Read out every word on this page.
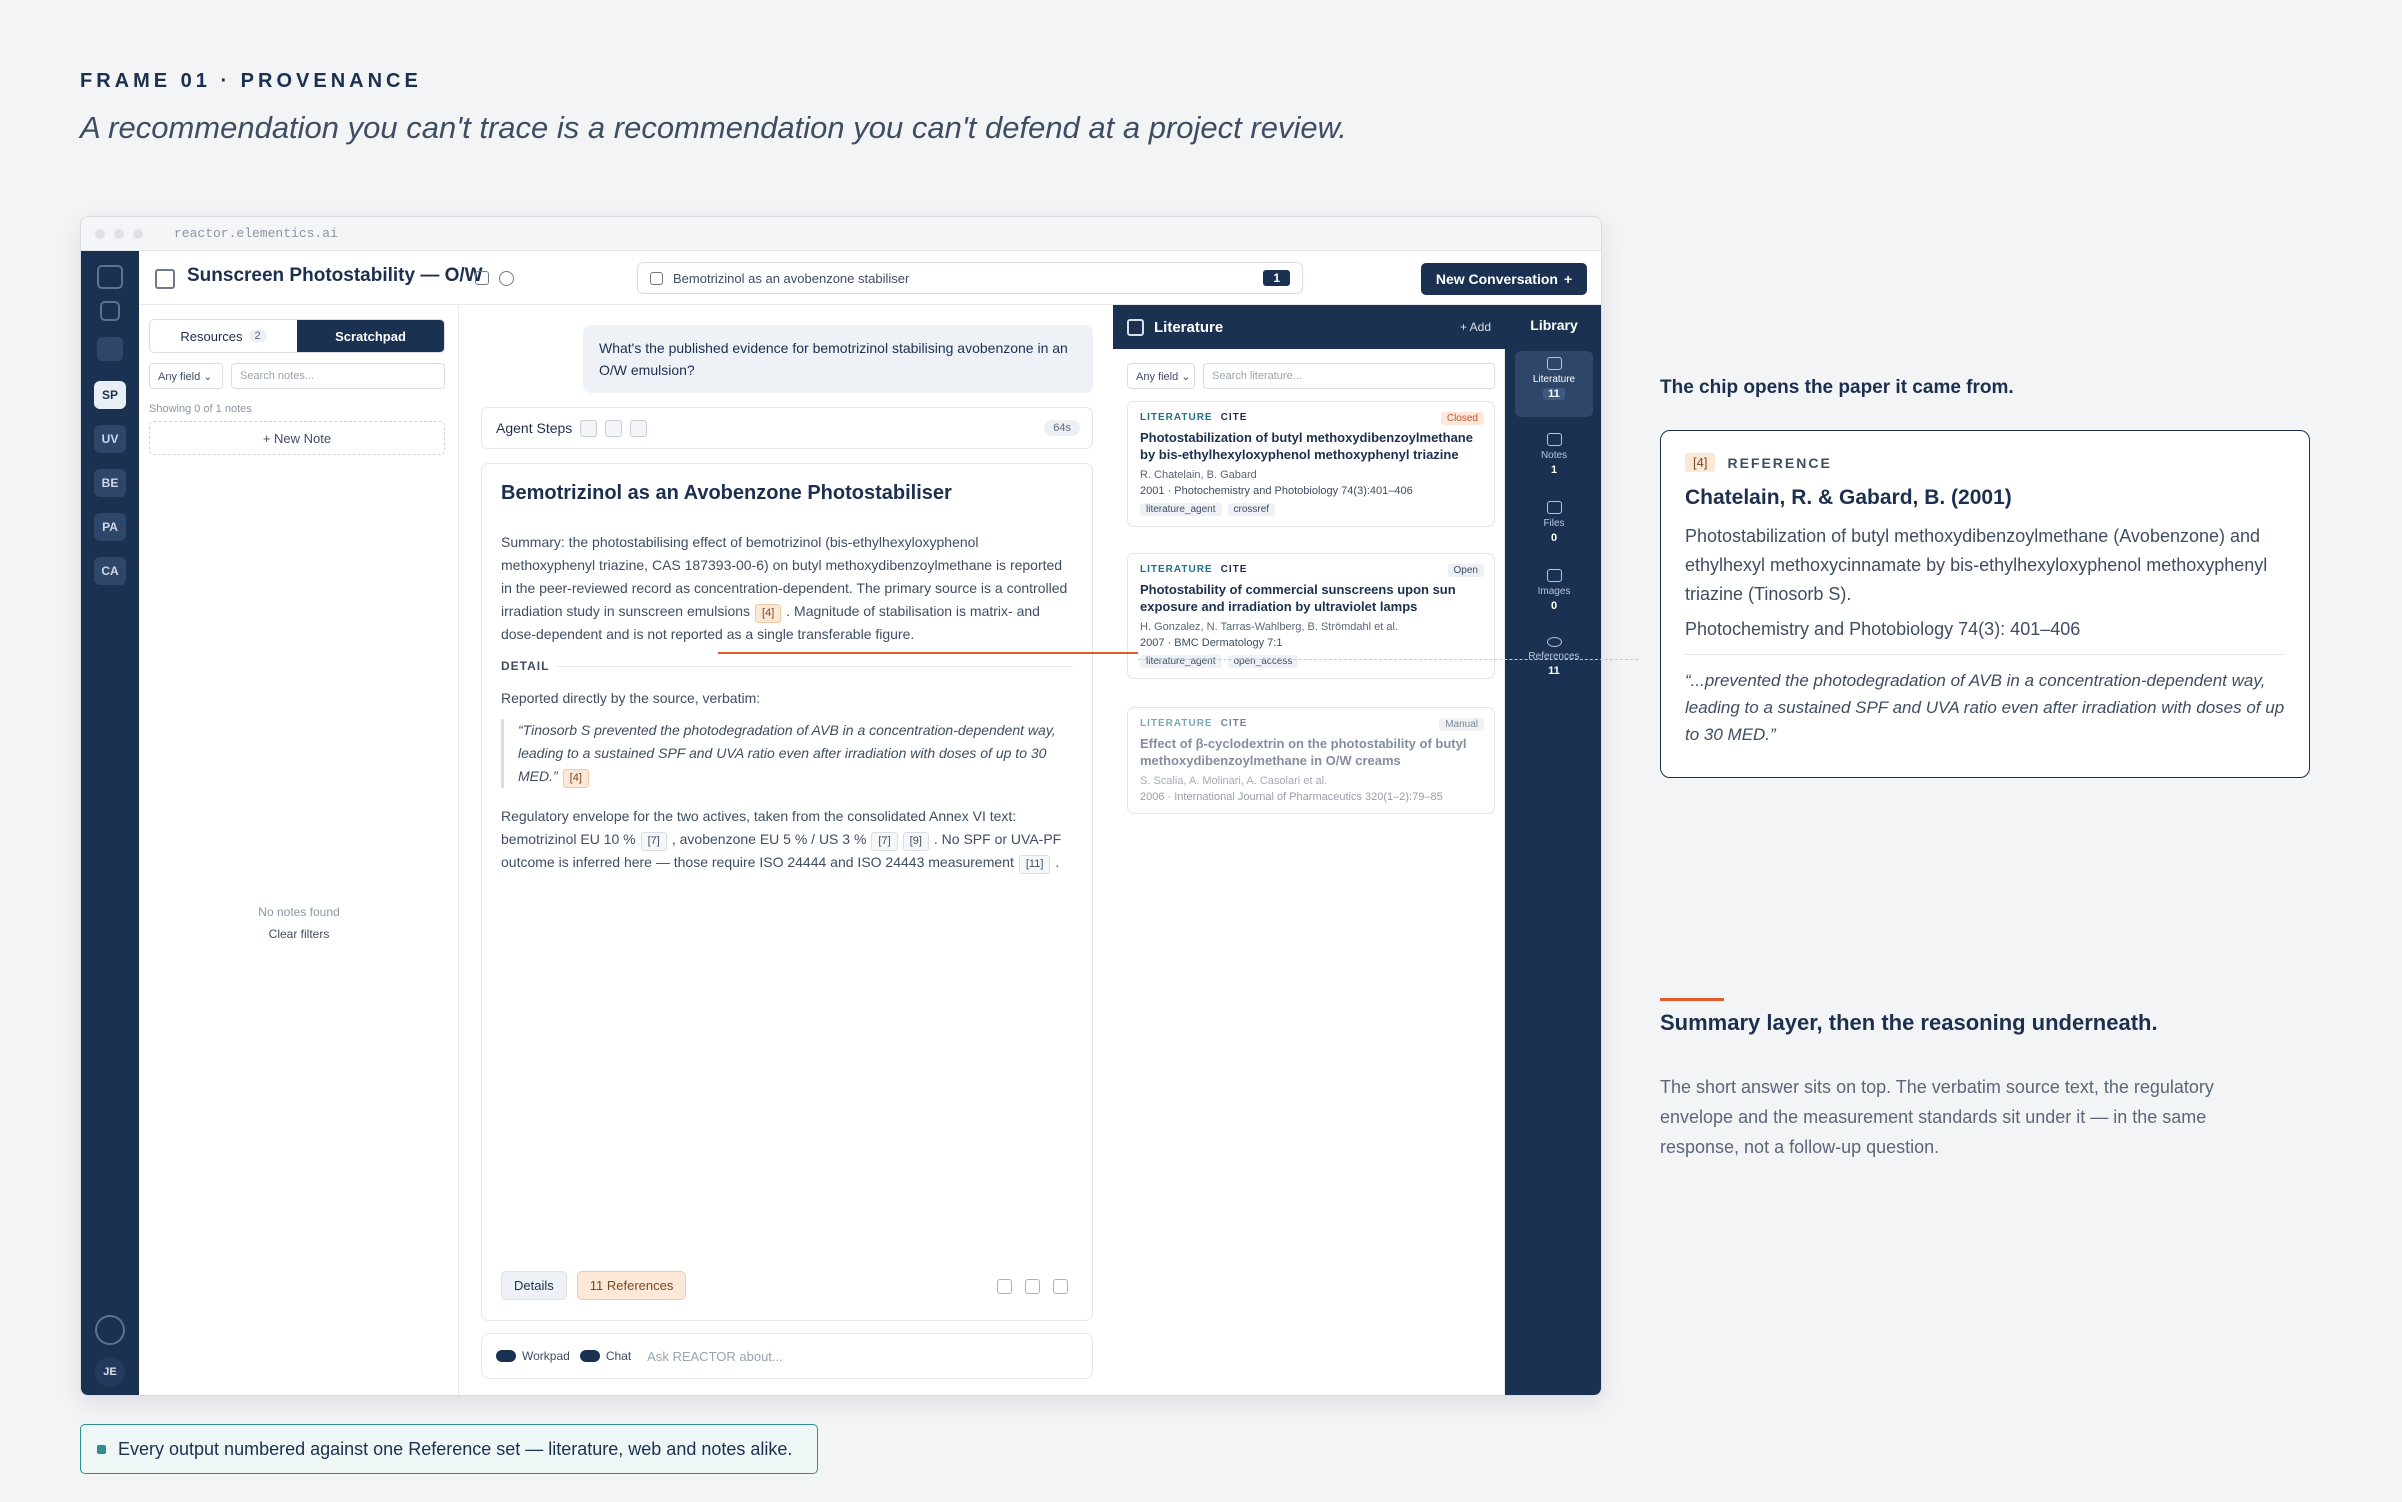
FRAME 01 · PROVENANCE
A recommendation you can't trace is a recommendation you can't defend at a project review.
reactor.elementics.ai
SP
UV
BE
PA
CA
JE
Sunscreen Photostability — O/W	Bemotrizinol as an avobenzone stabiliser	1	New Conversation +
Resources	2	Scratchpad
Any field ⌄	Search notes...
Showing 0 of 1 notes
+ New Note
No notes found
Clear filters
What's the published evidence for bemotrizinol stabilising avobenzone in an O/W emulsion?
Agent Steps	64s
Bemotrizinol as an Avobenzone Photostabiliser
Summary: the photostabilising effect of bemotrizinol (bis-ethylhexyloxyphenol methoxyphenyl triazine, CAS 187393-00-6) on butyl methoxydibenzoylmethane is reported in the peer-reviewed record as concentration-dependent. The primary source is a controlled irradiation study in sunscreen emulsions [4] . Magnitude of stabilisation is matrix- and dose-dependent and is not reported as a single transferable figure.
DETAIL
Reported directly by the source, verbatim:
“Tinosorb S prevented the photodegradation of AVB in a concentration-dependent way, leading to a sustained SPF and UVA ratio even after irradiation with doses of up to 30 MED.” [4]
Regulatory envelope for the two actives, taken from the consolidated Annex VI text: bemotrizinol EU 10 % [7] , avobenzone EU 5 % / US 3 % [7] [9] . No SPF or UVA-PF outcome is inferred here — those require ISO 24444 and ISO 24443 measurement [11] .
Details	11 References
Workpad	Chat Ask REACTOR about...
Literature	+ Add
Any field ⌄	Search literature...
LITERATURE CITE	Closed
Photostabilization of butyl methoxydibenzoylmethane by bis-ethylhexyloxyphenol methoxyphenyl triazine
R. Chatelain, B. Gabard
2001 · Photochemistry and Photobiology 74(3):401–406
literature_agent	crossref
LITERATURE CITE	Open
Photostability of commercial sunscreens upon sun exposure and irradiation by ultraviolet lamps
H. Gonzalez, N. Tarras-Wahlberg, B. Strömdahl et al.
2007 · BMC Dermatology 7:1
literature_agent	open_access
LITERATURE CITE	Manual
Effect of β-cyclodextrin on the photostability of butyl methoxydibenzoylmethane in O/W creams
S. Scalia, A. Molinari, A. Casolari et al.
2006 · International Journal of Pharmaceutics 320(1–2):79–85
Library
Literature
11
Notes
1
Files
0
Images
0
References
11
The chip opens the paper it came from.
[4]	REFERENCE
Chatelain, R. & Gabard, B. (2001)
Photostabilization of butyl methoxydibenzoylmethane (Avobenzone) and ethylhexyl methoxycinnamate by bis-ethylhexyloxyphenol methoxyphenyl triazine (Tinosorb S).
Photochemistry and Photobiology 74(3): 401–406
“...prevented the photodegradation of AVB in a concentration-dependent way, leading to a sustained SPF and UVA ratio even after irradiation with doses of up to 30 MED.”
Summary layer, then the reasoning underneath.
The short answer sits on top. The verbatim source text, the regulatory envelope and the measurement standards sit under it — in the same response, not a follow-up question.
Every output numbered against one Reference set — literature, web and notes alike.
